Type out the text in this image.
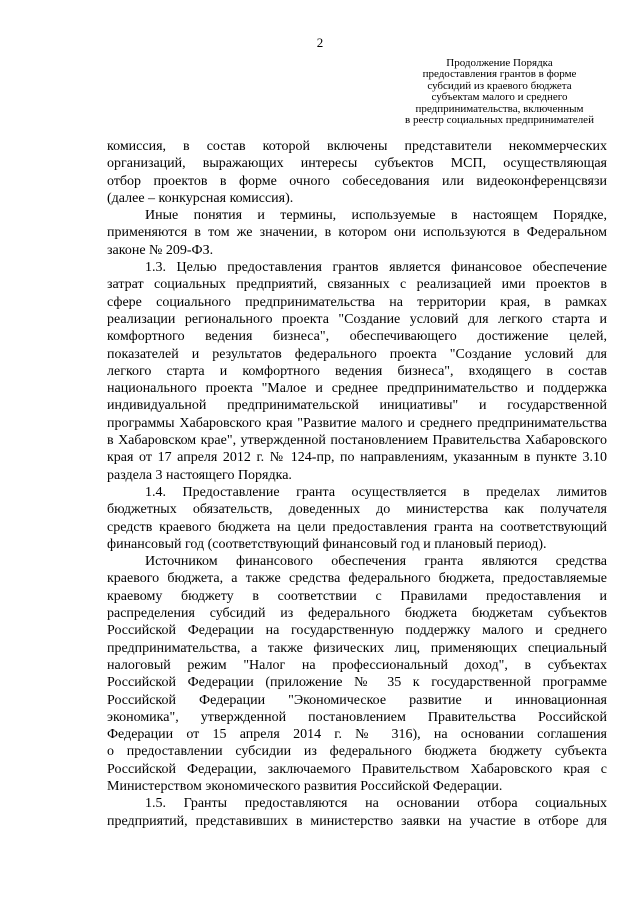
2
Продолжение Порядка
предоставления грантов в форме
субсидий из краевого бюджета
субъектам малого и среднего
предпринимательства, включенным
в реестр социальных предпринимателей
комиссия, в состав которой включены представители некоммерческих
организаций, выражающих интересы субъектов МСП, осуществляющая
отбор проектов в форме очного собеседования или видеоконференцсвязи
(далее – конкурсная комиссия).
Иные понятия и термины, используемые в настоящем Порядке,
применяются в том же значении, в котором они используются в Федеральном
законе № 209-ФЗ.
1.3. Целью предоставления грантов является финансовое обеспечение
затрат социальных предприятий, связанных с реализацией ими проектов в
сфере социального предпринимательства на территории края, в рамках
реализации регионального проекта "Создание условий для легкого старта и
комфортного ведения бизнеса", обеспечивающего достижение целей,
показателей и результатов федерального проекта "Создание условий для
легкого старта и комфортного ведения бизнеса", входящего в состав
национального проекта "Малое и среднее предпринимательство и поддержка
индивидуальной предпринимательской инициативы" и государственной
программы Хабаровского края "Развитие малого и среднего предпринимательства
в Хабаровском крае", утвержденной постановлением Правительства Хабаровского
края от 17 апреля 2012 г. № 124-пр, по направлениям, указанным в пункте 3.10
раздела 3 настоящего Порядка.
1.4. Предоставление гранта осуществляется в пределах лимитов
бюджетных обязательств, доведенных до министерства как получателя
средств краевого бюджета на цели предоставления гранта на соответствующий
финансовый год (соответствующий финансовый год и плановый период).
Источником финансового обеспечения гранта являются средства
краевого бюджета, а также средства федерального бюджета, предоставляемые
краевому бюджету в соответствии с Правилами предоставления и
распределения субсидий из федерального бюджета бюджетам субъектов
Российской Федерации на государственную поддержку малого и среднего
предпринимательства, а также физических лиц, применяющих специальный
налоговый режим "Налог на профессиональный доход", в субъектах
Российской Федерации (приложение № 35 к государственной программе
Российской Федерации "Экономическое развитие и инновационная
экономика", утвержденной постановлением Правительства Российской
Федерации от 15 апреля 2014 г. № 316), на основании соглашения
о предоставлении субсидии из федерального бюджета бюджету субъекта
Российской Федерации, заключаемого Правительством Хабаровского края с
Министерством экономического развития Российской Федерации.
1.5. Гранты предоставляются на основании отбора социальных
предприятий, представивших в министерство заявки на участие в отборе для
